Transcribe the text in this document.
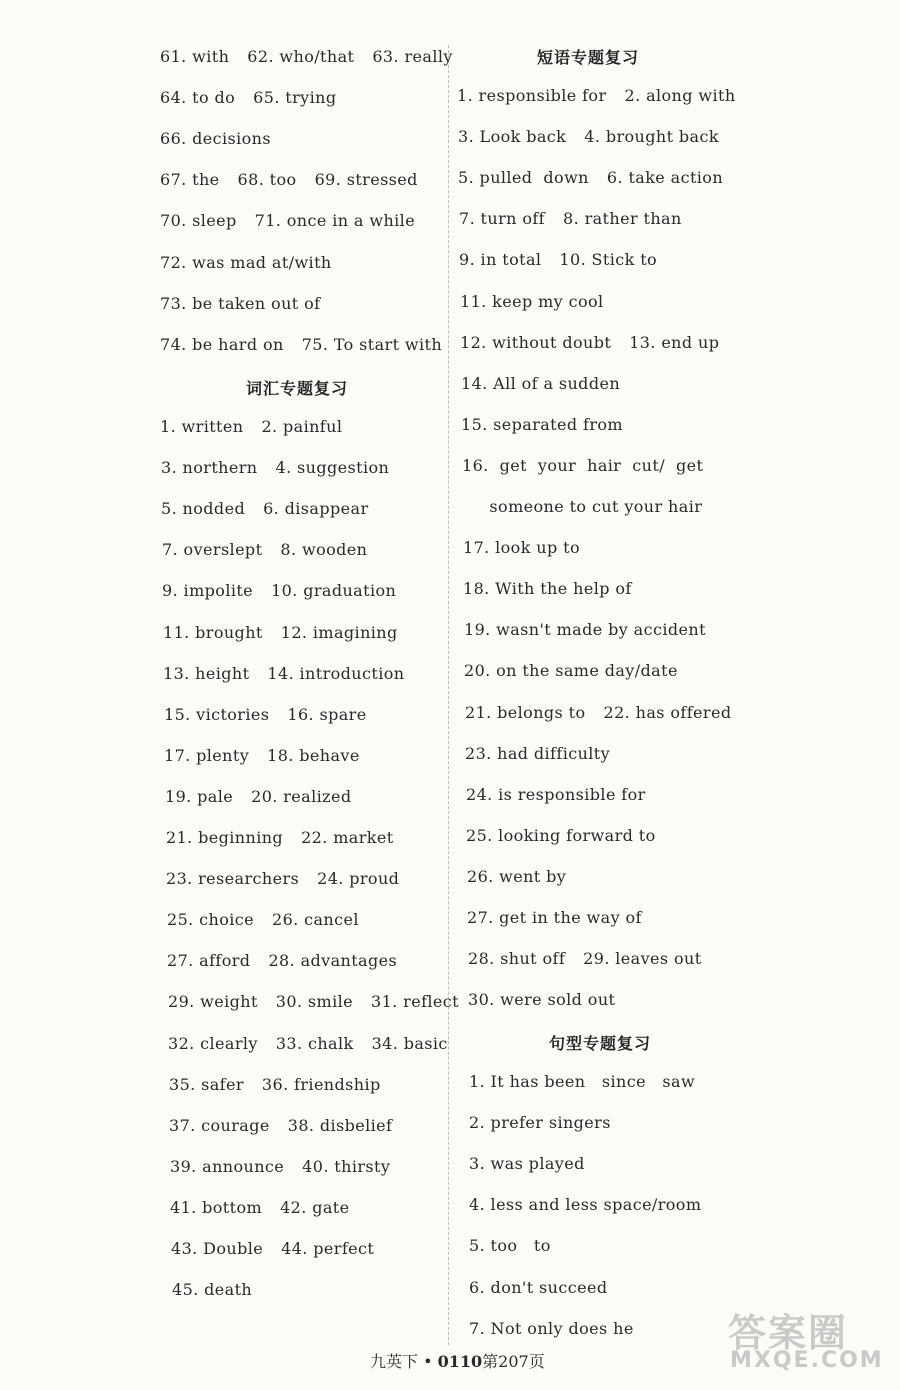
61. with 62. who/that 63. really
64. to do 65. trying
66. decisions
67. the 68. too 69. stressed
70. sleep 71. once in a while
72. was mad at/with
73. be taken out of
74. be hard on 75. To start with
词汇专题复习
1. written 2. painful
3. northern 4. suggestion
5. nodded 6. disappear
7. overslept 8. wooden
9. impolite 10. graduation
11. brought 12. imagining
13. height 14. introduction
15. victories 16. spare
17. plenty 18. behave
19. pale 20. realized
21. beginning 22. market
23. researchers 24. proud
25. choice 26. cancel
27. afford 28. advantages
29. weight 30. smile 31. reflect
32. clearly 33. chalk 34. basic
35. safer 36. friendship
37. courage 38. disbelief
39. announce 40. thirsty
41. bottom 42. gate
43. Double 44. perfect
45. death
短语专题复习
1. responsible for 2. along with
3. Look back 4. brought back
5. pulled  down 6. take action
7. turn off 8. rather than
9. in total 10. Stick to
11. keep my cool
12. without doubt 13. end up
14. All of a sudden
15. separated from
16.  get  your  hair  cut/  get
someone to cut your hair
17. look up to
18. With the help of
19. wasn't made by accident
20. on the same day/date
21. belongs to 22. has offered
23. had difficulty
24. is responsible for
25. looking forward to
26. went by
27. get in the way of
28. shut off 29. leaves out
30. were sold out
句型专题复习
1. It has been   since   saw
2. prefer singers
3. was played
4. less and less space/room
5. too   to
6. don't succeed
7. Not only does he
九英下 • 0110第207页
答案圈
MXQE.COM
